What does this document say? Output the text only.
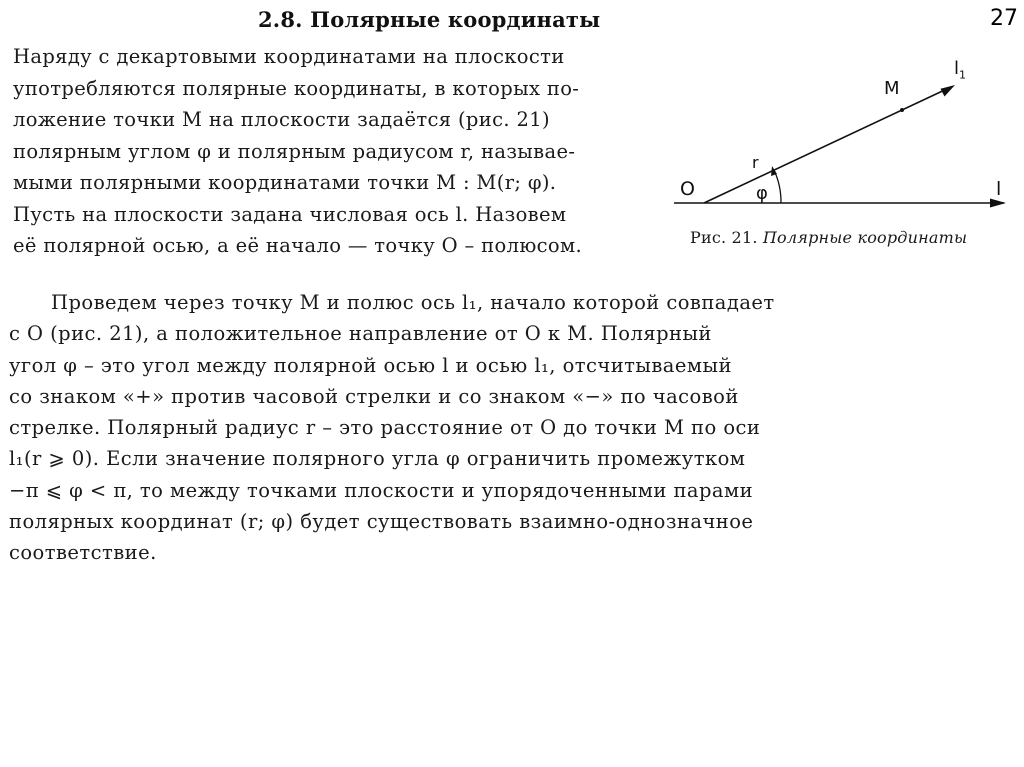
27
2.8. Полярные координаты
Наряду с декартовыми координатами на плоскости
употребляются полярные координаты, в которых по-
ложение точки M на плоскости задаётся (рис. 21)
полярным углом φ и полярным радиусом r, называе-
мыми полярными координатами точки M : M(r; φ).
Пусть на плоскости задана числовая ось l. Назовем
её полярной осью, а её начало — точку O – полюсом.
O	l
$l_1$
M
r
φ
Рис. 21. Полярные координаты
Проведем через точку M и полюс ось l₁, начало которой совпадает
с O (рис. 21), а положительное направление от O к M. Полярный
угол φ – это угол между полярной осью l и осью l₁, отсчитываемый
со знаком «+» против часовой стрелки и со знаком «−» по часовой
стрелке. Полярный радиус r – это расстояние от O до точки M по оси
l₁(r ⩾ 0). Если значение полярного угла φ ограничить промежутком
−π ⩽ φ < π, то между точками плоскости и упорядоченными парами
полярных координат (r; φ) будет существовать взаимно-однозначное
соответствие.
